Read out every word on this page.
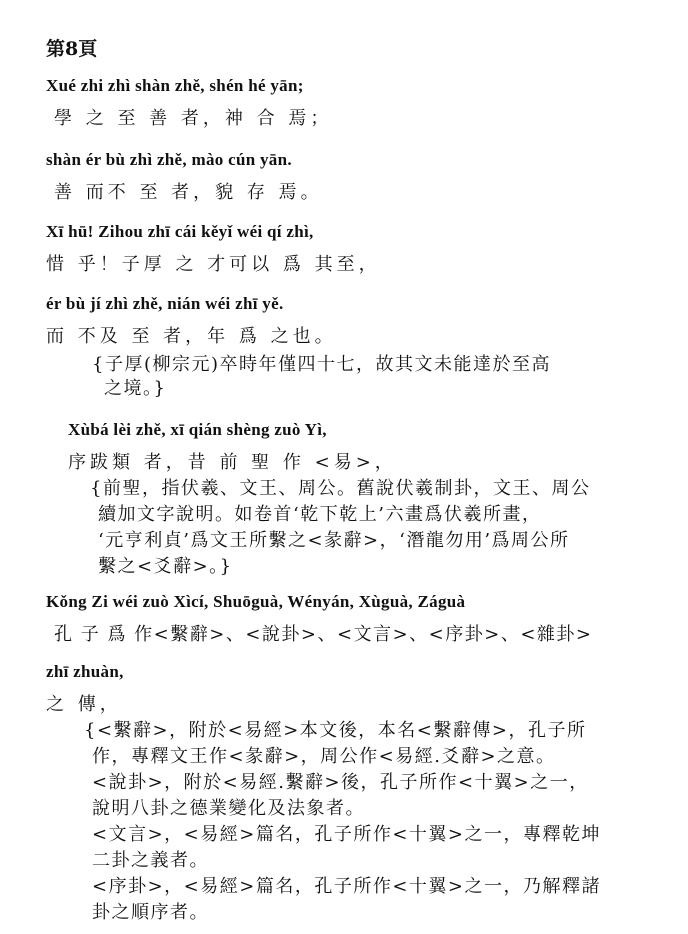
第8頁
Xué zhi zhì shàn zhě, shén hé yān;
學 之 至 善 者，神 合 焉；
shàn ér bù zhì zhě, mào cún yān.
善 而不 至 者，貌 存 焉。
Xī hū! Zihou zhī cái kěyǐ wéi qí zhì,
惜 乎！子厚 之 才可以 爲 其至，
ér bù jí zhì zhě, nián wéi zhī yě.
而 不及 至 者，年 爲 之也。
{子厚(柳宗元)卒時年僅四十七，故其文未能達於至高
之境。}
Xùbá lèi zhě, xī qián shèng zuò Yì,
序跋類 者，昔 前 聖 作 <易>，
{前聖，指伏羲、文王、周公。舊說伏羲制卦，文王、周公
續加文字說明。如卷首‘乾下乾上’六畫爲伏羲所畫，
‘元亨利貞’爲文王所繫之<彖辭>，‘潛龍勿用’爲周公所
繫之<爻辭>。}
Kǒng Zi wéi zuò Xìcí, Shuōguà, Wényán, Xùguà, Záguà
孔 子 爲 作<繫辭>、<說卦>、<文言>、<序卦>、<雜卦>
zhī zhuàn,
之 傳，
{<繫辭>，附於<易經>本文後，本名<繫辭傳>，孔子所
作，專釋文王作<彖辭>，周公作<易經.爻辭>之意。
<說卦>，附於<易經.繫辭>後，孔子所作<十翼>之一，
說明八卦之德業變化及法象者。
<文言>，<易經>篇名，孔子所作<十翼>之一，專釋乾坤
二卦之義者。
<序卦>，<易經>篇名，孔子所作<十翼>之一，乃解釋諸
卦之順序者。
